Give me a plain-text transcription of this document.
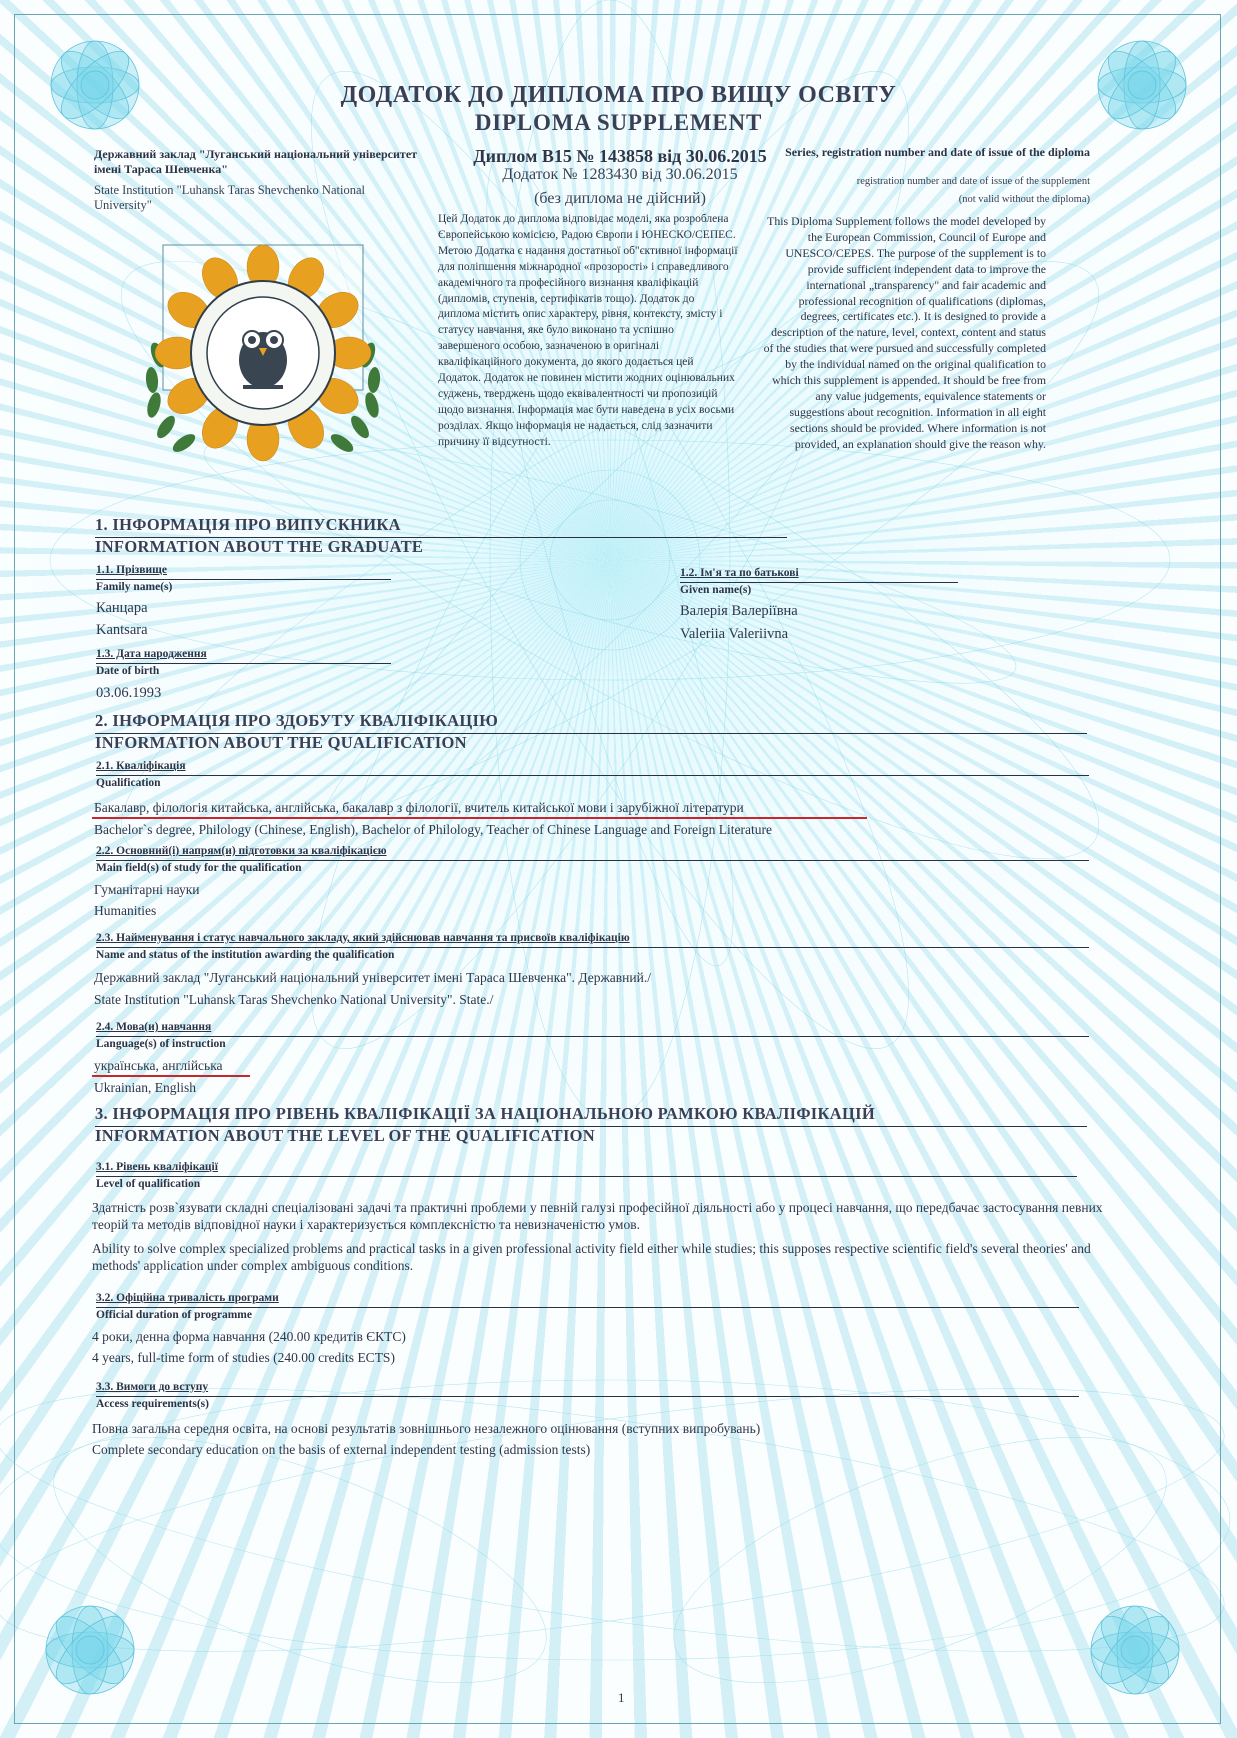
ДОДАТОК ДО ДИПЛОМА ПРО ВИЩУ ОСВІТУ
DIPLOMA SUPPLEMENT
Державний заклад "Луганський національний університет імені Тараса Шевченка"
State Institution "Luhansk Taras Shevchenko National University"
Диплом В15 № 143858 від 30.06.2015
Додаток № 1283430 від 30.06.2015
(без диплома не дійсний)
Series, registration number and date of issue of the diploma
registration number and date of issue of the supplement
(not valid without the diploma)
Цей Додаток до диплома відповідає моделі, яка розроблена Європейською комісією, Радою Європи і ЮНЕСКО/СЕПЕС. Метою Додатка є надання достатньої об"єктивної інформації для поліпшення міжнародної «прозорості» і справедливого академічного та професійного визнання кваліфікацій (дипломів, ступенів, сертифікатів тощо). Додаток до диплома містить опис характеру, рівня, контексту, змісту і статусу навчання, яке було виконано та успішно завершеного особою, зазначеною в оригіналі кваліфікаційного документа, до якого додається цей Додаток. Додаток не повинен містити жодних оцінювальних суджень, тверджень щодо еквівалентності чи пропозицій щодо визнання. Інформація має бути наведена в усіх восьми розділах. Якщо інформація не надається, слід зазначити причину її відсутності.
This Diploma Supplement follows the model developed by the European Commission, Council of Europe and UNESCO/CEPES. The purpose of the supplement is to provide sufficient independent data to improve the international „transparency" and fair academic and professional recognition of qualifications (diplomas, degrees, certificates etc.). It is designed to provide a description of the nature, level, context, content and status of the studies that were pursued and successfully completed by the individual named on the original qualification to which this supplement is appended. It should be free from any value judgements, equivalence statements or suggestions about recognition. Information in all eight sections should be provided. Where information is not provided, an explanation should give the reason why.
1. ІНФОРМАЦІЯ ПРО ВИПУСКНИКА
INFORMATION ABOUT THE GRADUATE
1.1. Прізвище
Family name(s)
Канцара
Kantsara
1.2. Ім'я та по батькові
Given name(s)
Валерія Валеріївна
Valeriia Valeriivna
1.3. Дата народження
Date of birth
03.06.1993
2. ІНФОРМАЦІЯ ПРО ЗДОБУТУ КВАЛІФІКАЦІЮ
INFORMATION ABOUT THE QUALIFICATION
2.1. Кваліфікація
Qualification
Бакалавр, філологія китайська, англійська, бакалавр з філології, вчитель китайської мови і зарубіжної літератури
Bachelor`s degree, Philology (Chinese, English), Bachelor of Philology, Teacher of Chinese Language and Foreign Literature
2.2. Основний(і) напрям(и) підготовки за кваліфікацією
Main field(s) of study for the qualification
Гуманітарні науки
Humanities
2.3. Найменування і статус навчального закладу, який здійснював навчання та присвоїв кваліфікацію
Name and status of the institution awarding the qualification
Державний заклад "Луганський національний університет імені Тараса Шевченка". Державний./
State Institution "Luhansk Taras Shevchenko National University". State./
2.4. Мова(и) навчання
Language(s) of instruction
українська, англійська
Ukrainian, English
3. ІНФОРМАЦІЯ ПРО РІВЕНЬ КВАЛІФІКАЦІЇ ЗА НАЦІОНАЛЬНОЮ РАМКОЮ КВАЛІФІКАЦІЙ
INFORMATION ABOUT THE LEVEL OF THE QUALIFICATION
3.1. Рівень кваліфікації
Level of qualification
Здатність розв`язувати складні спеціалізовані задачі та практичні проблеми у певній галузі професійної діяльності або у процесі навчання, що передбачає застосування певних теорій та методів відповідної науки і характеризується комплексністю та невизначеністю умов.
Ability to solve complex specialized problems and practical tasks in a given professional activity field either while studies; this supposes respective scientific field's several theories' and methods' application under complex ambiguous conditions.
3.2. Офіційна тривалість програми
Official duration of programme
4 роки, денна форма навчання (240.00 кредитів ЄКТС)
4 years, full-time form of studies (240.00 credits ECTS)
3.3. Вимоги до вступу
Access requirements(s)
Повна загальна середня освіта, на основі результатів зовнішнього незалежного оцінювання (вступних випробувань)
Complete secondary education on the basis of external independent testing (admission tests)
1
